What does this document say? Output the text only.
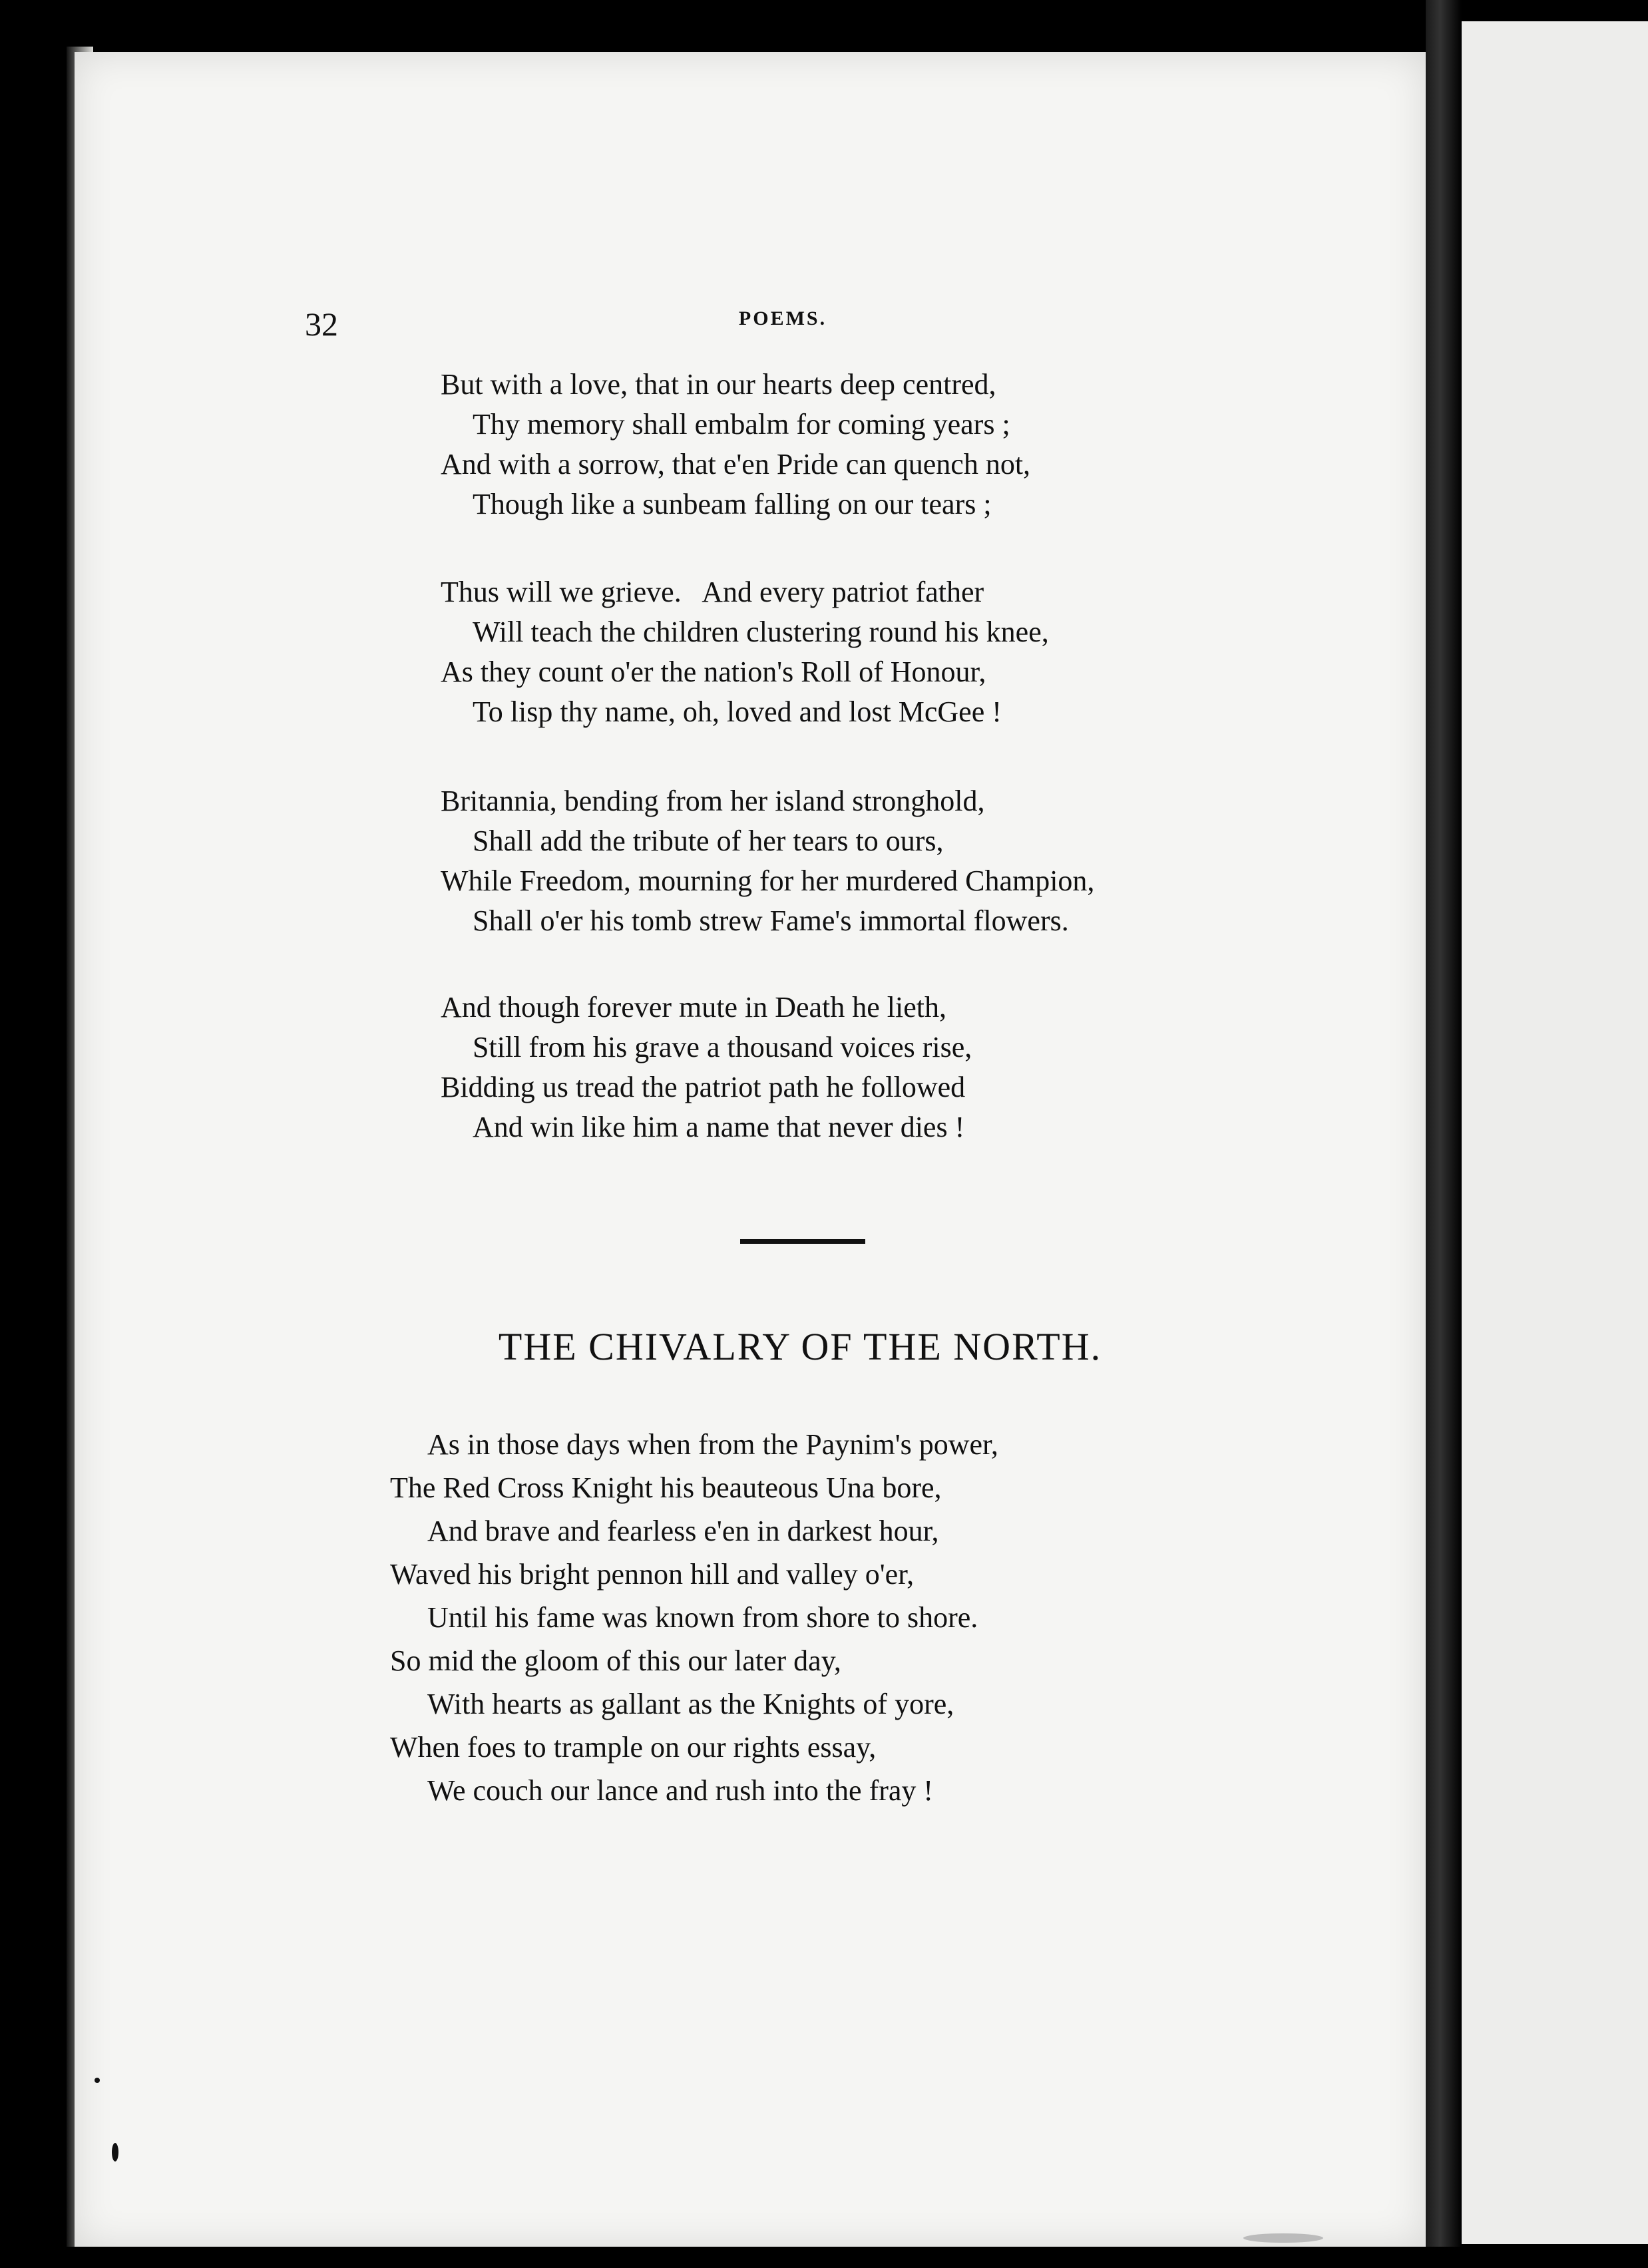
32	POEMS.
But with a love, that in our hearts deep centred,
Thy memory shall embalm for coming years ;
And with a sorrow, that e'en Pride can quench not,
Though like a sunbeam falling on our tears ;
Thus will we grieve.   And every patriot father
Will teach the children clustering round his knee,
As they count o'er the nation's Roll of Honour,
To lisp thy name, oh, loved and lost McGee !
Britannia, bending from her island stronghold,
Shall add the tribute of her tears to ours,
While Freedom, mourning for her murdered Champion,
Shall o'er his tomb strew Fame's immortal flowers.
And though forever mute in Death he lieth,
Still from his grave a thousand voices rise,
Bidding us tread the patriot path he followed
And win like him a name that never dies !
THE CHIVALRY OF THE NORTH.
As in those days when from the Paynim's power,
The Red Cross Knight his beauteous Una bore,
And brave and fearless e'en in darkest hour,
Waved his bright pennon hill and valley o'er,
Until his fame was known from shore to shore.
So mid the gloom of this our later day,
With hearts as gallant as the Knights of yore,
When foes to trample on our rights essay,
We couch our lance and rush into the fray !
